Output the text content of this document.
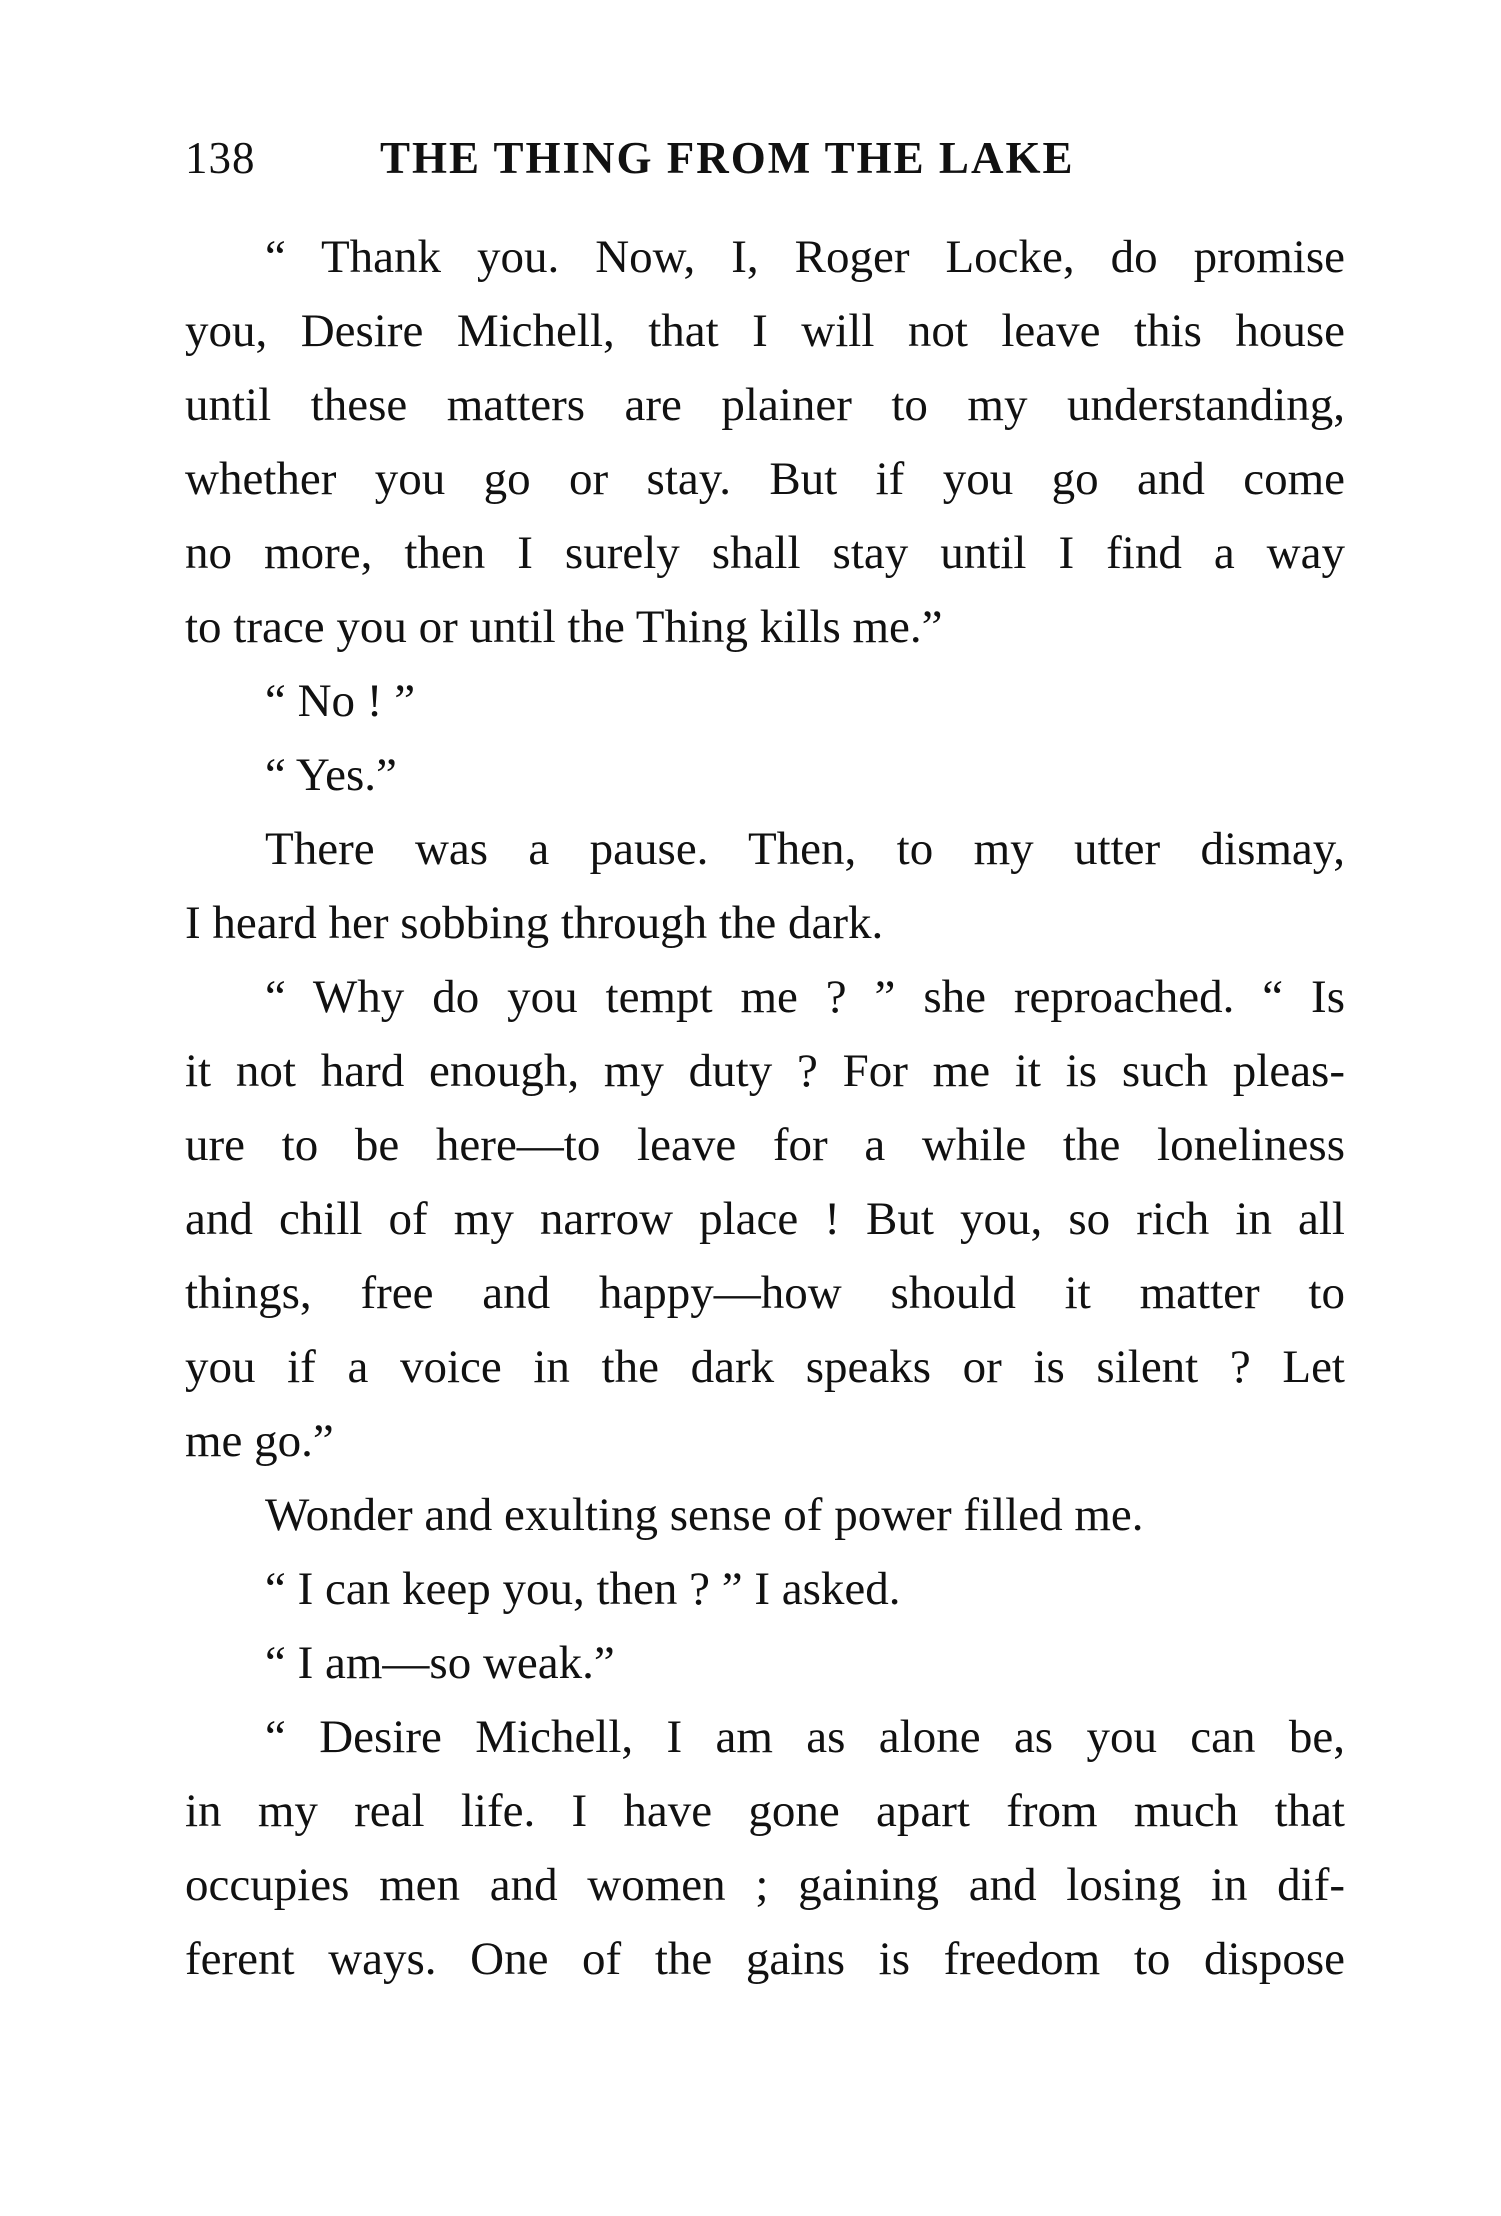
138	THE THING FROM THE LAKE
“ Thank you. Now, I, Roger Locke, do promise
you, Desire Michell, that I will not leave this house
until these matters are plainer to my understanding,
whether you go or stay. But if you go and come
no more, then I surely shall stay until I find a way
to trace you or until the Thing kills me.”
“ No ! ”
“ Yes.”
There was a pause. Then, to my utter dismay,
I heard her sobbing through the dark.
“ Why do you tempt me ? ” she reproached. “ Is
it not hard enough, my duty ? For me it is such pleas-
ure to be here—to leave for a while the loneliness
and chill of my narrow place ! But you, so rich in all
things, free and happy—how should it matter to
you if a voice in the dark speaks or is silent ? Let
me go.”
Wonder and exulting sense of power filled me.
“ I can keep you, then ? ” I asked.
“ I am—so weak.”
“ Desire Michell, I am as alone as you can be,
in my real life. I have gone apart from much that
occupies men and women ; gaining and losing in dif-
ferent ways. One of the gains is freedom to dispose
